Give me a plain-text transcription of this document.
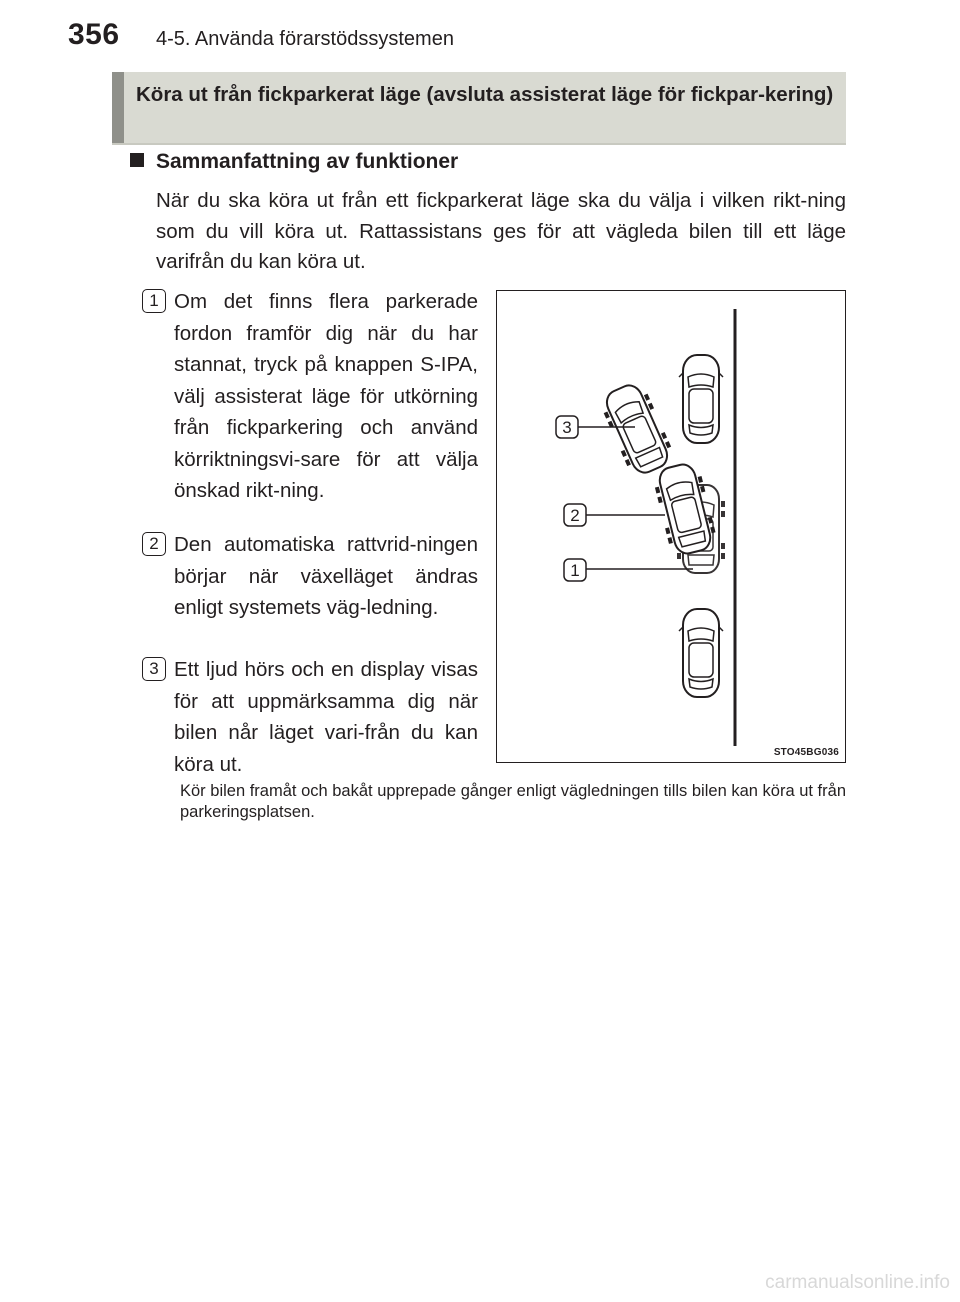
356 4-5. Använda förarstödssystemen
Köra ut från fickparkerat läge (avsluta assisterat läge för fickpar-kering)
Sammanfattning av funktioner
När du ska köra ut från ett fickparkerat läge ska du välja i vilken rikt-ning som du vill köra ut. Rattassistans ges för att vägleda bilen till ett läge varifrån du kan köra ut.
1 Om det finns flera parkerade fordon framför dig när du har stannat, tryck på knappen S-IPA, välj assisterat läge för utkörning från fickparkering och använd körriktningsvi-sare för att välja önskad rikt-ning.
2 Den automatiska rattvrid-ningen börjar när växelläget ändras enligt systemets väg-ledning.
3 Ett ljud hörs och en display visas för att uppmärksamma dig när bilen når läget vari-från du kan köra ut.
3
2
1
STO45BG036
Kör bilen framåt och bakåt upprepade gånger enligt vägledningen tills bilen kan köra ut från parkeringsplatsen.
carmanualsonline.info
